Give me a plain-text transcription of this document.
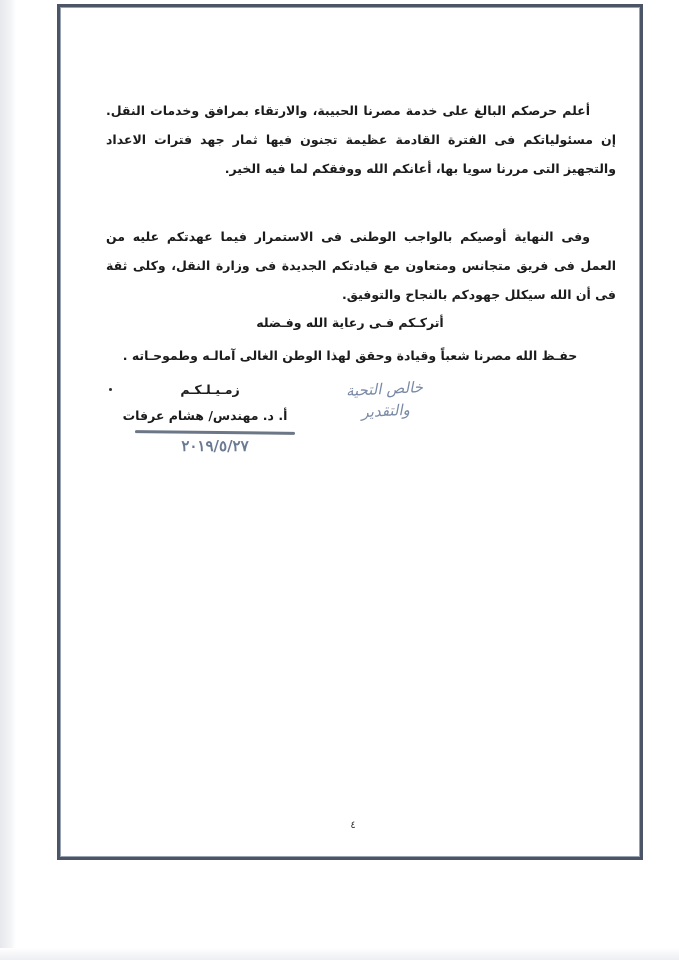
أعلم حرصكم البالغ على خدمة مصرنا الحبيبة، والارتقاء بمرافق وخدمات النقل. إن مسئولياتكم فى الفترة القادمة عظيمة تجنون فيها ثمار جهد فترات الاعداد والتجهيز التى مررنا سويا بها، أعانكم الله ووفقكم لما فيه الخير.

وفى النهاية أوصيكم بالواجب الوطنى فى الاستمرار فيما عهدتكم عليه من العمل فى فريق متجانس ومتعاون مع قيادتكم الجديدة فى وزارة النقل، وكلى ثقة فى أن الله سيكلل جهودكم بالنجاح والتوفيق.

أتركـكم فـى رعاية الله وفـضله
حفـظ الله مصرنا شعباً وقيادة وحقق لهذا الوطن الغالى آمالـه وطموحـاته .
زمـيـلـكـم
أ. د. مهندس/ هشام عرفات
٢٠١٩/٥/٢٧
خالص التحية
والتقدير
٤
